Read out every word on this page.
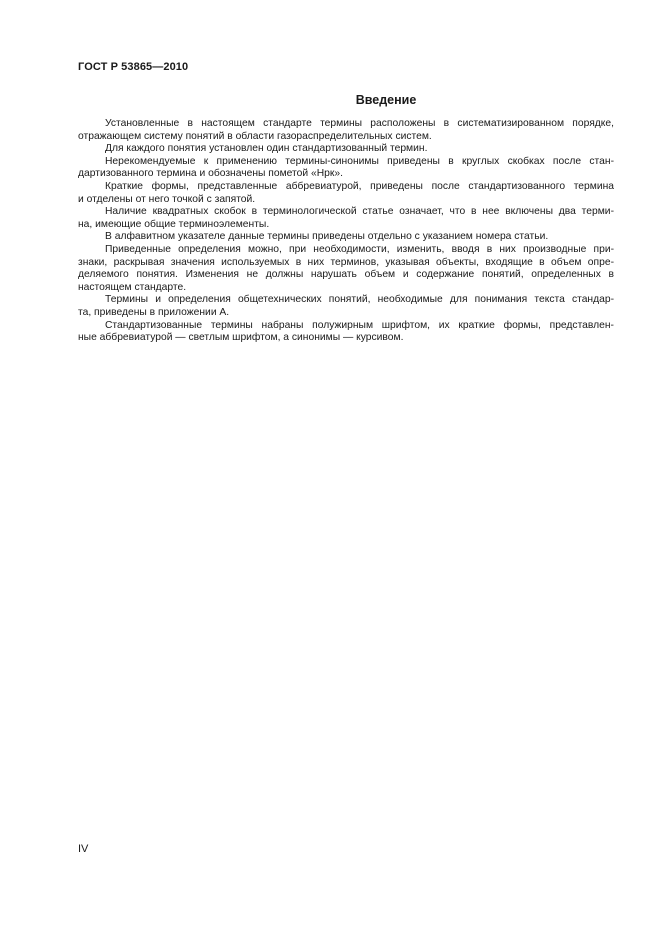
ГОСТ Р 53865—2010
Введение

Установленные в настоящем стандарте термины расположены в систематизированном порядке,
отражающем систему понятий в области газораспределительных систем.

Для каждого понятия установлен один стандартизованный термин.

Нерекомендуемые к применению термины-синонимы приведены в круглых скобках после стан-
дартизованного термина и обозначены пометой «Нрк».

Краткие формы, представленные аббревиатурой, приведены после стандартизованного термина
и отделены от него точкой с запятой.

Наличие квадратных скобок в терминологической статье означает, что в нее включены два терми-
на, имеющие общие терминоэлементы.

В алфавитном указателе данные термины приведены отдельно с указанием номера статьи.

Приведенные определения можно, при необходимости, изменить, вводя в них производные при-
знаки, раскрывая значения используемых в них терминов, указывая объекты, входящие в объем опре-
деляемого понятия. Изменения не должны нарушать объем и содержание понятий, определенных в
настоящем стандарте.

Термины и определения общетехнических понятий, необходимые для понимания текста стандар-
та, приведены в приложении А.

Стандартизованные термины набраны полужирным шрифтом, их краткие формы, представлен-
ные аббревиатурой — светлым шрифтом, а синонимы — курсивом.

IV
